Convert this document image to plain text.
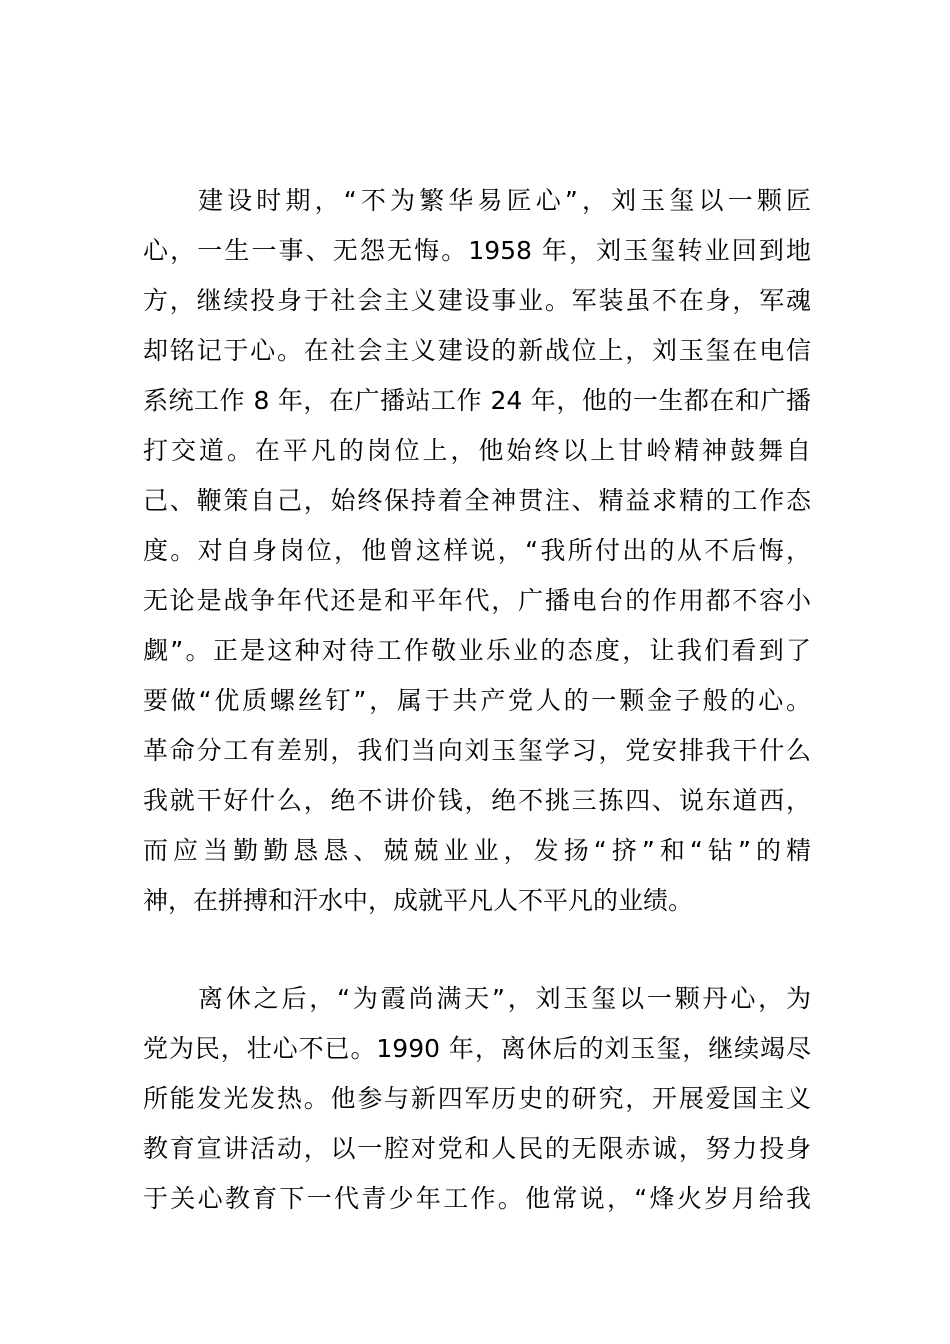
建设时期，“不为繁华易匠心”，刘玉玺以一颗匠
心，一生一事、无怨无悔。1958 年，刘玉玺转业回到地
方，继续投身于社会主义建设事业。军装虽不在身，军魂
却铭记于心。在社会主义建设的新战位上，刘玉玺在电信
系统工作 8 年，在广播站工作 24 年，他的一生都在和广播
打交道。在平凡的岗位上，他始终以上甘岭精神鼓舞自
己、鞭策自己，始终保持着全神贯注、精益求精的工作态
度。对自身岗位，他曾这样说，“我所付出的从不后悔，
无论是战争年代还是和平年代，广播电台的作用都不容小
觑”。正是这种对待工作敬业乐业的态度，让我们看到了
要做“优质螺丝钉”，属于共产党人的一颗金子般的心。
革命分工有差别，我们当向刘玉玺学习，党安排我干什么
我就干好什么，绝不讲价钱，绝不挑三拣四、说东道西，
而应当勤勤恳恳、兢兢业业，发扬“挤”和“钻”的精
神，在拼搏和汗水中，成就平凡人不平凡的业绩。
离休之后，“为霞尚满天”，刘玉玺以一颗丹心，为
党为民，壮心不已。1990 年，离休后的刘玉玺，继续竭尽
所能发光发热。他参与新四军历史的研究，开展爱国主义
教育宣讲活动，以一腔对党和人民的无限赤诚，努力投身
于关心教育下一代青少年工作。他常说，“烽火岁月给我
